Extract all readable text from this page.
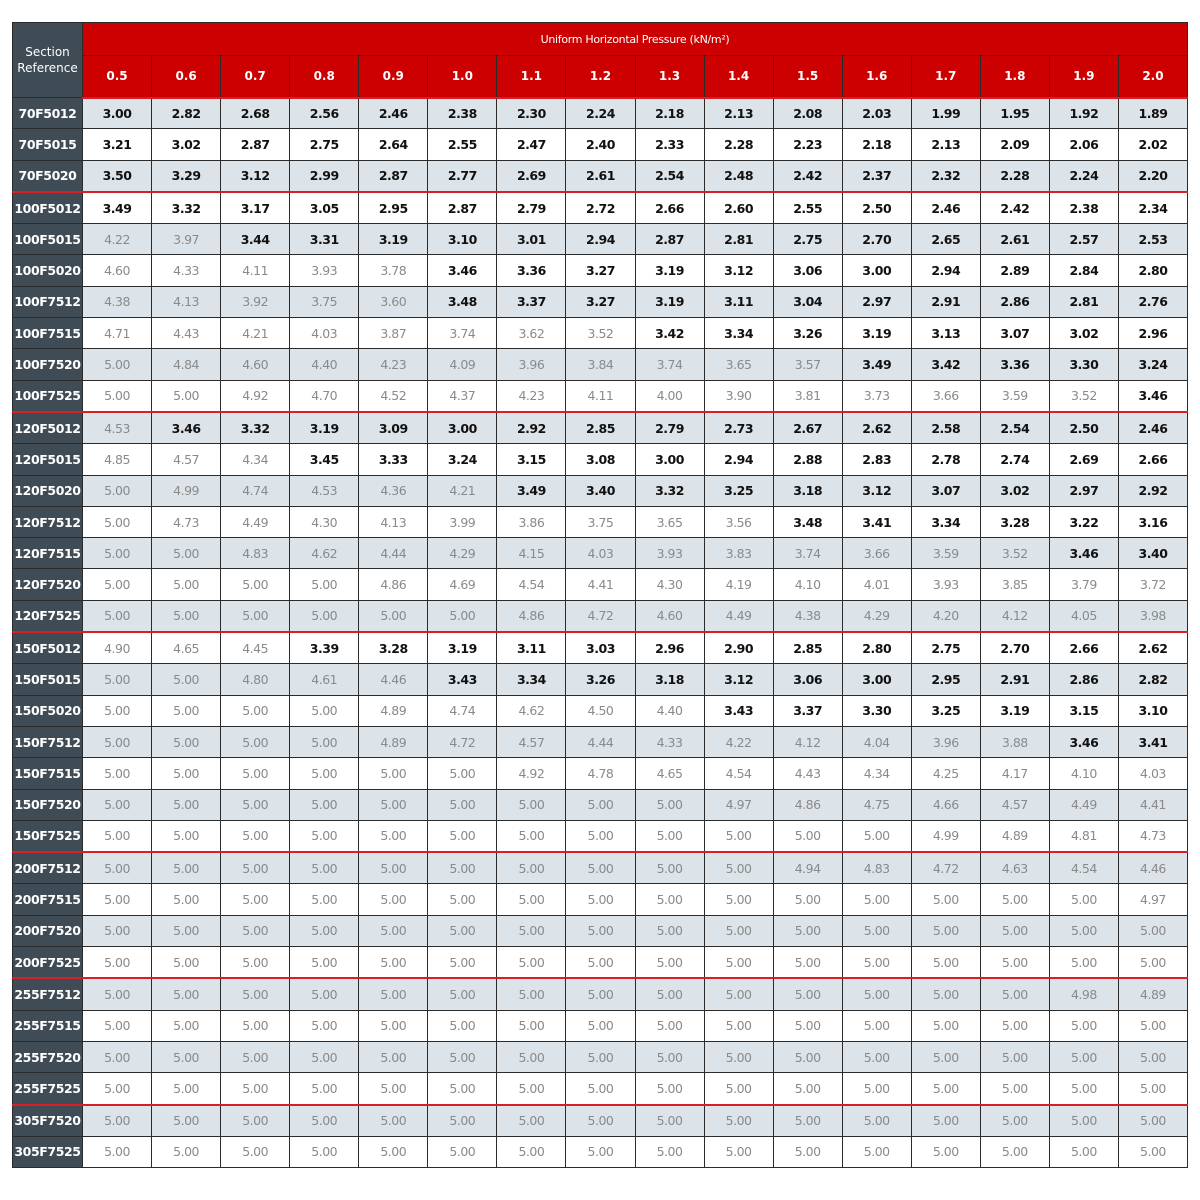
Section
Reference	Uniform Horizontal Pressure (kN/m²)															
	0.5	0.6	0.7	0.8	0.9	1.0	1.1	1.2	1.3	1.4	1.5	1.6	1.7	1.8	1.9	2.0
70F5012	3.00	2.82	2.68	2.56	2.46	2.38	2.30	2.24	2.18	2.13	2.08	2.03	1.99	1.95	1.92	1.89
70F5015	3.21	3.02	2.87	2.75	2.64	2.55	2.47	2.40	2.33	2.28	2.23	2.18	2.13	2.09	2.06	2.02
70F5020	3.50	3.29	3.12	2.99	2.87	2.77	2.69	2.61	2.54	2.48	2.42	2.37	2.32	2.28	2.24	2.20
100F5012	3.49	3.32	3.17	3.05	2.95	2.87	2.79	2.72	2.66	2.60	2.55	2.50	2.46	2.42	2.38	2.34
100F5015	4.22	3.97	3.44	3.31	3.19	3.10	3.01	2.94	2.87	2.81	2.75	2.70	2.65	2.61	2.57	2.53
100F5020	4.60	4.33	4.11	3.93	3.78	3.46	3.36	3.27	3.19	3.12	3.06	3.00	2.94	2.89	2.84	2.80
100F7512	4.38	4.13	3.92	3.75	3.60	3.48	3.37	3.27	3.19	3.11	3.04	2.97	2.91	2.86	2.81	2.76
100F7515	4.71	4.43	4.21	4.03	3.87	3.74	3.62	3.52	3.42	3.34	3.26	3.19	3.13	3.07	3.02	2.96
100F7520	5.00	4.84	4.60	4.40	4.23	4.09	3.96	3.84	3.74	3.65	3.57	3.49	3.42	3.36	3.30	3.24
100F7525	5.00	5.00	4.92	4.70	4.52	4.37	4.23	4.11	4.00	3.90	3.81	3.73	3.66	3.59	3.52	3.46
120F5012	4.53	3.46	3.32	3.19	3.09	3.00	2.92	2.85	2.79	2.73	2.67	2.62	2.58	2.54	2.50	2.46
120F5015	4.85	4.57	4.34	3.45	3.33	3.24	3.15	3.08	3.00	2.94	2.88	2.83	2.78	2.74	2.69	2.66
120F5020	5.00	4.99	4.74	4.53	4.36	4.21	3.49	3.40	3.32	3.25	3.18	3.12	3.07	3.02	2.97	2.92
120F7512	5.00	4.73	4.49	4.30	4.13	3.99	3.86	3.75	3.65	3.56	3.48	3.41	3.34	3.28	3.22	3.16
120F7515	5.00	5.00	4.83	4.62	4.44	4.29	4.15	4.03	3.93	3.83	3.74	3.66	3.59	3.52	3.46	3.40
120F7520	5.00	5.00	5.00	5.00	4.86	4.69	4.54	4.41	4.30	4.19	4.10	4.01	3.93	3.85	3.79	3.72
120F7525	5.00	5.00	5.00	5.00	5.00	5.00	4.86	4.72	4.60	4.49	4.38	4.29	4.20	4.12	4.05	3.98
150F5012	4.90	4.65	4.45	3.39	3.28	3.19	3.11	3.03	2.96	2.90	2.85	2.80	2.75	2.70	2.66	2.62
150F5015	5.00	5.00	4.80	4.61	4.46	3.43	3.34	3.26	3.18	3.12	3.06	3.00	2.95	2.91	2.86	2.82
150F5020	5.00	5.00	5.00	5.00	4.89	4.74	4.62	4.50	4.40	3.43	3.37	3.30	3.25	3.19	3.15	3.10
150F7512	5.00	5.00	5.00	5.00	4.89	4.72	4.57	4.44	4.33	4.22	4.12	4.04	3.96	3.88	3.46	3.41
150F7515	5.00	5.00	5.00	5.00	5.00	5.00	4.92	4.78	4.65	4.54	4.43	4.34	4.25	4.17	4.10	4.03
150F7520	5.00	5.00	5.00	5.00	5.00	5.00	5.00	5.00	5.00	4.97	4.86	4.75	4.66	4.57	4.49	4.41
150F7525	5.00	5.00	5.00	5.00	5.00	5.00	5.00	5.00	5.00	5.00	5.00	5.00	4.99	4.89	4.81	4.73
200F7512	5.00	5.00	5.00	5.00	5.00	5.00	5.00	5.00	5.00	5.00	4.94	4.83	4.72	4.63	4.54	4.46
200F7515	5.00	5.00	5.00	5.00	5.00	5.00	5.00	5.00	5.00	5.00	5.00	5.00	5.00	5.00	5.00	4.97
200F7520	5.00	5.00	5.00	5.00	5.00	5.00	5.00	5.00	5.00	5.00	5.00	5.00	5.00	5.00	5.00	5.00
200F7525	5.00	5.00	5.00	5.00	5.00	5.00	5.00	5.00	5.00	5.00	5.00	5.00	5.00	5.00	5.00	5.00
255F7512	5.00	5.00	5.00	5.00	5.00	5.00	5.00	5.00	5.00	5.00	5.00	5.00	5.00	5.00	4.98	4.89
255F7515	5.00	5.00	5.00	5.00	5.00	5.00	5.00	5.00	5.00	5.00	5.00	5.00	5.00	5.00	5.00	5.00
255F7520	5.00	5.00	5.00	5.00	5.00	5.00	5.00	5.00	5.00	5.00	5.00	5.00	5.00	5.00	5.00	5.00
255F7525	5.00	5.00	5.00	5.00	5.00	5.00	5.00	5.00	5.00	5.00	5.00	5.00	5.00	5.00	5.00	5.00
305F7520	5.00	5.00	5.00	5.00	5.00	5.00	5.00	5.00	5.00	5.00	5.00	5.00	5.00	5.00	5.00	5.00
305F7525	5.00	5.00	5.00	5.00	5.00	5.00	5.00	5.00	5.00	5.00	5.00	5.00	5.00	5.00	5.00	5.00
